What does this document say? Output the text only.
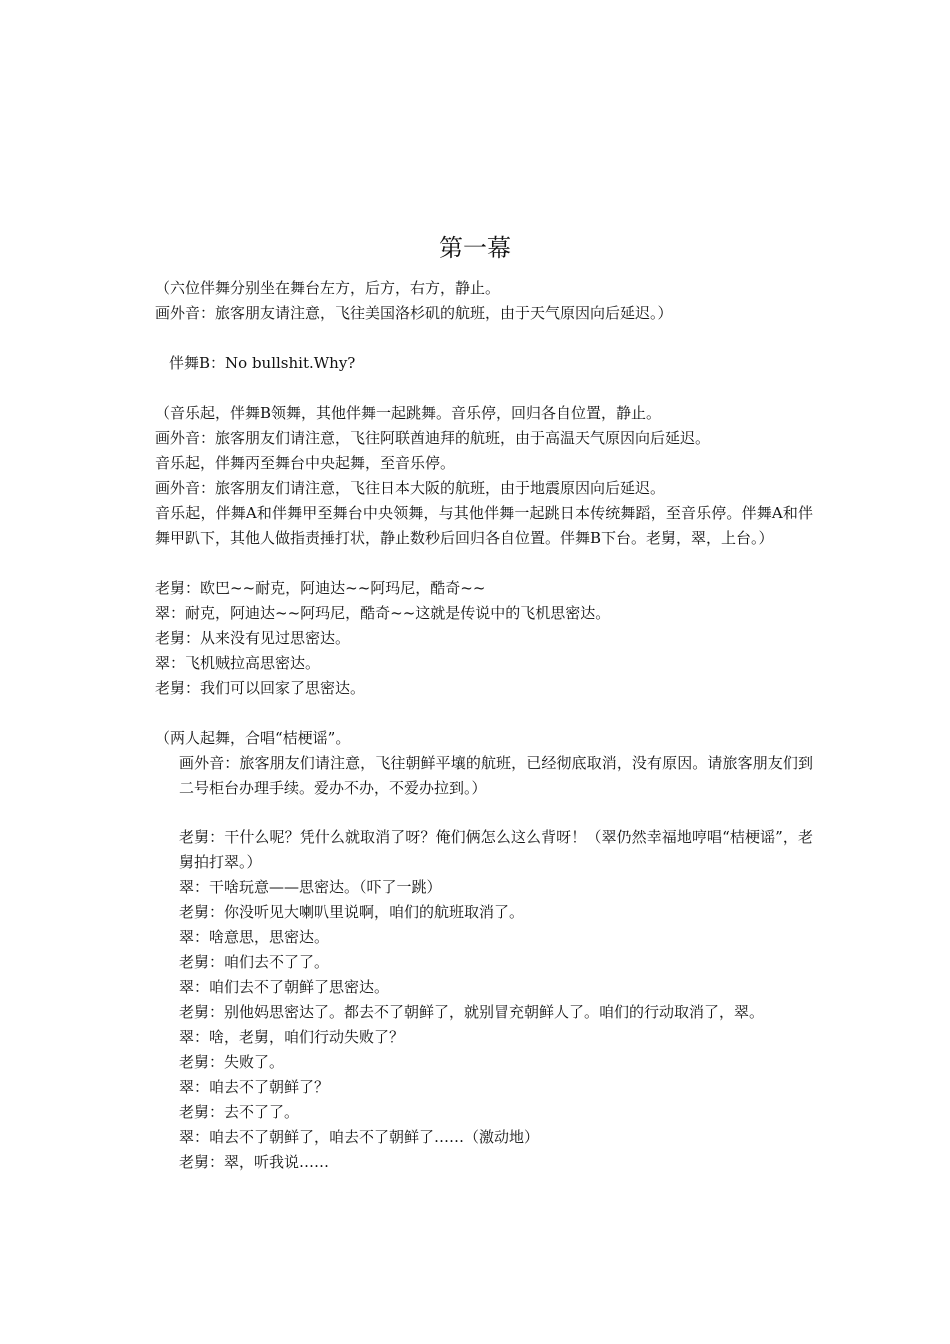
第一幕

（六位伴舞分别坐在舞台左方，后方，右方，静止。

画外音：旅客朋友请注意，飞往美国洛杉矶的航班，由于天气原因向后延迟。）

伴舞B：No bullshit.Why?

（音乐起，伴舞B领舞，其他伴舞一起跳舞。音乐停，回归各自位置，静止。

画外音：旅客朋友们请注意，飞往阿联酋迪拜的航班，由于高温天气原因向后延迟。

音乐起，伴舞丙至舞台中央起舞，至音乐停。

画外音：旅客朋友们请注意，飞往日本大阪的航班，由于地震原因向后延迟。

音乐起，伴舞A和伴舞甲至舞台中央领舞，与其他伴舞一起跳日本传统舞蹈，至音乐停。伴舞A和伴舞甲趴下，其他人做指责捶打状，静止数秒后回归各自位置。伴舞B下台。老舅，翠，上台。）

老舅：欧巴~~耐克，阿迪达~~阿玛尼，酷奇~~

翠：耐克，阿迪达~~阿玛尼，酷奇~~这就是传说中的飞机思密达。

老舅：从来没有见过思密达。

翠：飞机贼拉高思密达。

老舅：我们可以回家了思密达。

（两人起舞，合唱“桔梗谣”。

画外音：旅客朋友们请注意，飞往朝鲜平壤的航班，已经彻底取消，没有原因。请旅客朋友们到二号柜台办理手续。爱办不办，不爱办拉到。）

老舅：干什么呢？凭什么就取消了呀？俺们俩怎么这么背呀！（翠仍然幸福地哼唱“桔梗谣”，老舅拍打翠。）

翠：干啥玩意——思密达。（吓了一跳）

老舅：你没听见大喇叭里说啊，咱们的航班取消了。

翠：啥意思，思密达。

老舅：咱们去不了了。

翠：咱们去不了朝鲜了思密达。

老舅：别他妈思密达了。都去不了朝鲜了，就别冒充朝鲜人了。咱们的行动取消了，翠。

翠：啥，老舅，咱们行动失败了？

老舅：失败了。

翠：咱去不了朝鲜了？

老舅：去不了了。

翠：咱去不了朝鲜了，咱去不了朝鲜了……（激动地）

老舅：翠，听我说……
